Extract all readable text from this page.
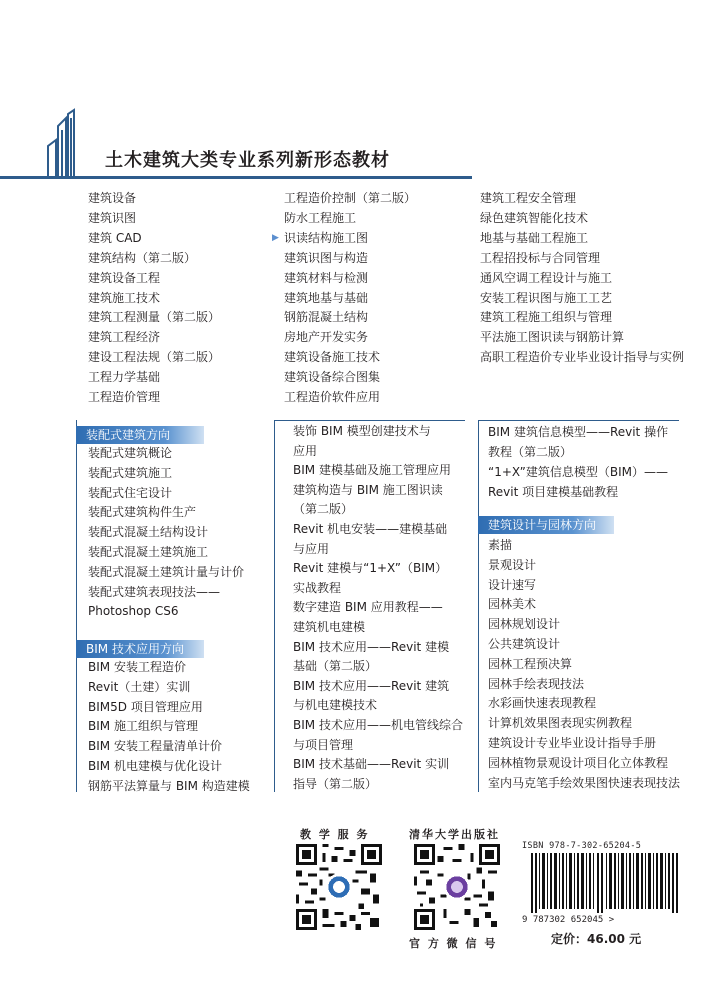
土木建筑大类专业系列新形态教材
建筑设备
建筑识图
建筑 CAD
建筑结构（第二版）
建筑设备工程
建筑施工技术
建筑工程测量（第二版）
建筑工程经济
建设工程法规（第二版）
工程力学基础
工程造价管理
工程造价控制（第二版）
防水工程施工
▶ 识读结构施工图
建筑识图与构造
建筑材料与检测
建筑地基与基础
钢筋混凝土结构
房地产开发实务
建筑设备施工技术
建筑设备综合图集
工程造价软件应用
建筑工程安全管理
绿色建筑智能化技术
地基与基础工程施工
工程招投标与合同管理
通风空调工程设计与施工
安装工程识图与施工工艺
建筑工程施工组织与管理
平法施工图识读与钢筋计算
高职工程造价专业毕业设计指导与实例
装配式建筑方向
装配式建筑概论
装配式建筑施工
装配式住宅设计
装配式建筑构件生产
装配式混凝土结构设计
装配式混凝土建筑施工
装配式混凝土建筑计量与计价
装配式建筑表现技法——
Photoshop CS6
BIM 技术应用方向
BIM 安装工程造价
Revit（土建）实训
BIM5D 项目管理应用
BIM 施工组织与管理
BIM 安装工程量清单计价
BIM 机电建模与优化设计
钢筋平法算量与 BIM 构造建模
装饰 BIM 模型创建技术与
应用
BIM 建模基础及施工管理应用
建筑构造与 BIM 施工图识读
（第二版）
Revit 机电安装——建模基础
与应用
Revit 建模与“1+X”（BIM）
实战教程
数字建造 BIM 应用教程——
建筑机电建模
BIM 技术应用——Revit 建模
基础（第二版）
BIM 技术应用——Revit 建筑
与机电建模技术
BIM 技术应用——机电管线综合
与项目管理
BIM 技术基础——Revit 实训
指导（第二版）
BIM 建筑信息模型——Revit 操作
教程（第二版）
“1+X”建筑信息模型（BIM）——
Revit 项目建模基础教程
建筑设计与园林方向
素描
景观设计
设计速写
园林美术
园林规划设计
公共建筑设计
园林工程预决算
园林手绘表现技法
水彩画快速表现教程
计算机效果图表现实例教程
建筑设计专业毕业设计指导手册
园林植物景观设计项目化立体教程
室内马克笔手绘效果图快速表现技法
教 学 服 务	清华大学出版社
官 方 微 信 号
ISBN 978-7-302-65204-5
9 787302 652045 >
定价：46.00 元
